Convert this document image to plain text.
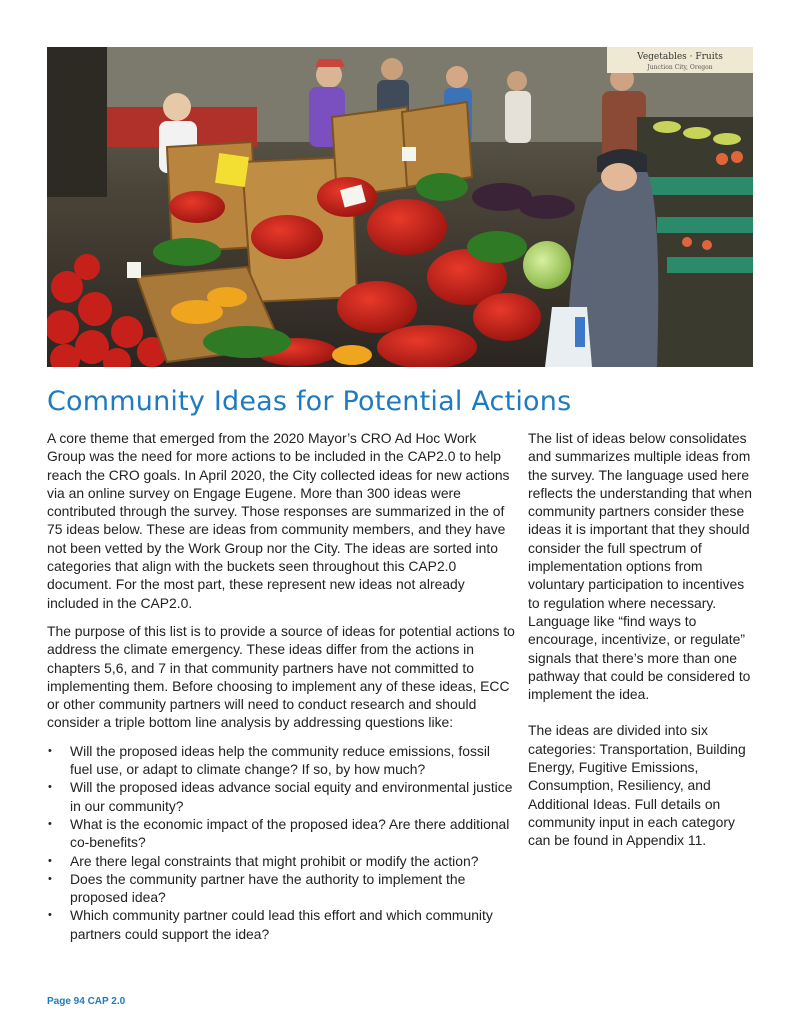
Vegetables · Fruits
Junction City, Oregon
Community Ideas for Potential Actions

A core theme that emerged from the 2020 Mayor’s CRO Ad Hoc Work Group was the need for more actions to be included in the CAP2.0 to help reach the CRO goals. In April 2020, the City collected ideas for new actions via an online survey on Engage Eugene. More than 300 ideas were contributed through the survey. Those responses are summarized in the of 75 ideas below. These are ideas from community members, and they have not been vetted by the Work Group nor the City. The ideas are sorted into categories that align with the buckets seen throughout this CAP2.0 document. For the most part, these represent new ideas not already included in the CAP2.0.

The purpose of this list is to provide a source of ideas for potential actions to address the climate emergency. These ideas differ from the actions in chapters 5,6, and 7 in that community partners have not committed to implementing them. Before choosing to implement any of these ideas, ECC or other community partners will need to conduct research and should consider a triple bottom line analysis by addressing questions like:

• Will the proposed ideas help the community reduce emissions, fossil fuel use, or adapt to climate change? If so, by how much?
• Will the proposed ideas advance social equity and environmental justice in our community?
• What is the economic impact of the proposed idea? Are there additional co-benefits?
• Are there legal constraints that might prohibit or modify the action?
• Does the community partner have the authority to implement the proposed idea?
• Which community partner could lead this effort and which community partners could support the idea?

The list of ideas below consolidates and summarizes multiple ideas from the survey. The language used here reflects the understanding that when community partners consider these ideas it is important that they should consider the full spectrum of implementation options from voluntary participation to incentives to regulation where necessary. Language like “find ways to encourage, incentivize, or regulate” signals that there’s more than one pathway that could be considered to implement the idea.

The ideas are divided into six categories: Transportation, Building Energy, Fugitive Emissions, Consumption, Resiliency, and Additional Ideas. Full details on community input in each category can be found in Appendix 11.

Page 94 CAP 2.0
